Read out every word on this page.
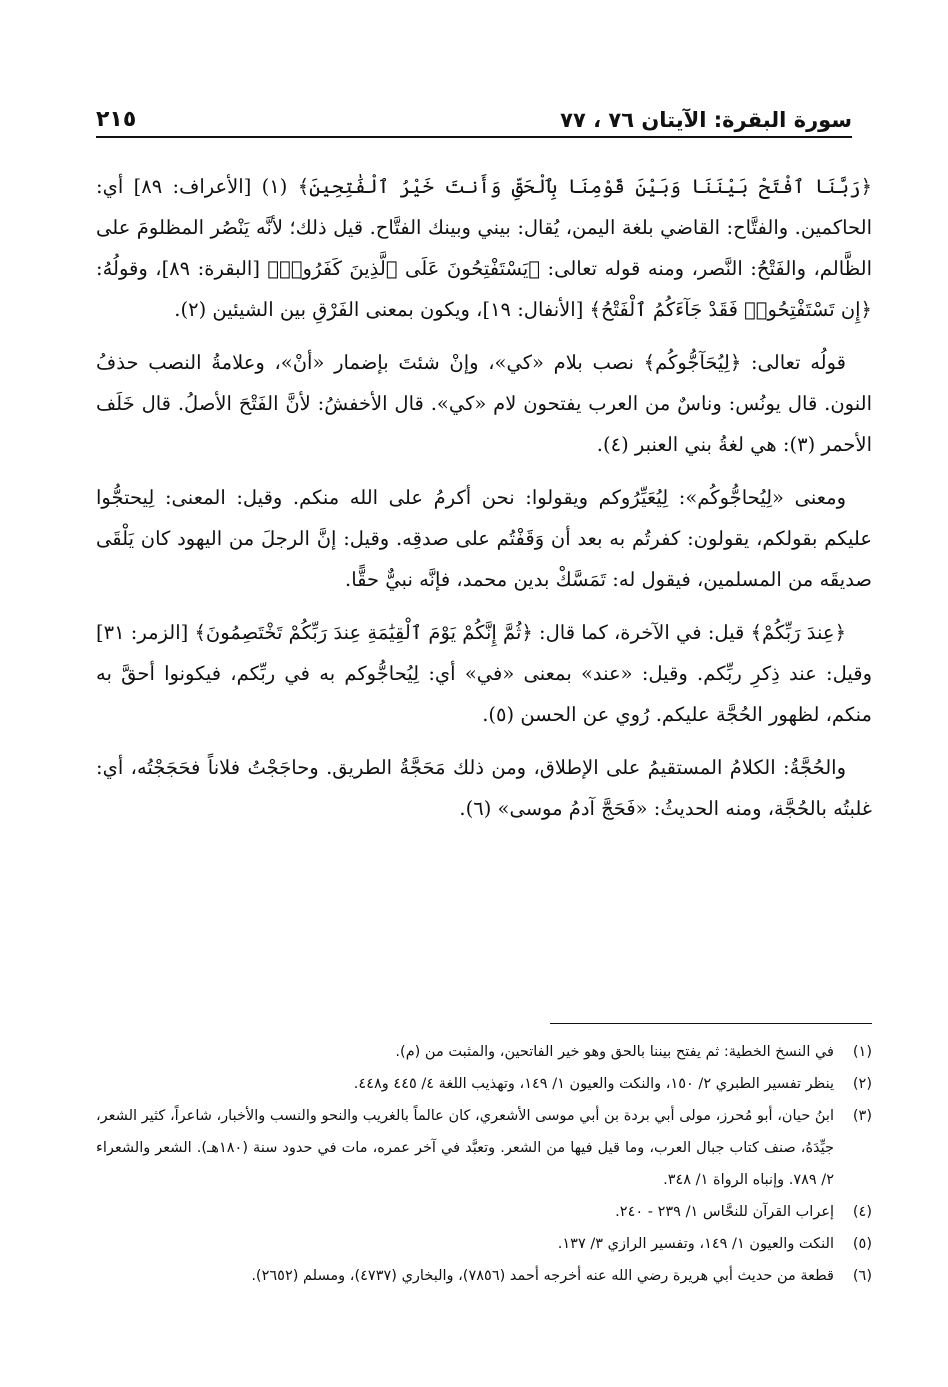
سورة البقرة: الآيتان ٧٦ ، ٧٧
٢١٥

﴿رَبَّنَا ٱفْتَحْ بَيْنَنَا وَبَيْنَ قَوْمِنَا بِٱلْحَقِّ وَأَنتَ خَيْرُ ٱلْفَٰتِحِينَ﴾ (١) [الأعراف: ٨٩] أي: الحاكمين. والفتَّاح: القاضي بلغة اليمن، يُقال: بيني وبينك الفتَّاح. قيل ذلك؛ لأنَّه يَنْصُر المظلومَ على الظَّالم، والفَتْحُ: النَّصر، ومنه قوله تعالى: ﴿يَسْتَفْتِحُونَ عَلَى ٱلَّذِينَ كَفَرُوا۟﴾ [البقرة: ٨٩]، وقولُهُ: ﴿إِن تَسْتَفْتِحُوا۟ فَقَدْ جَآءَكُمُ ٱلْفَتْحُ﴾ [الأنفال: ١٩]، ويكون بمعنى الفَرْقِ بين الشيئين (٢).

قولُه تعالى: ﴿لِيُحَآجُّوكُم﴾ نصب بلام «كي»، وإنْ شئتَ بإضمار «أنْ»، وعلامةُ النصب حذفُ النون. قال يونُس: وناسٌ من العرب يفتحون لام «كي». قال الأخفشُ: لأنَّ الفَتْحَ الأصلُ. قال خَلَف الأحمر (٣): هي لغةُ بني العنبر (٤).

ومعنى «لِيُحاجُّوكُم»: لِيُعَيِّرُوكم ويقولوا: نحن أكرمُ على الله منكم. وقيل: المعنى: لِيحتجُّوا عليكم بقولكم، يقولون: كفرتُم به بعد أن وَقَفْتُم على صدقِه. وقيل: إنَّ الرجلَ من اليهود كان يَلْقَى صديقَه من المسلمين، فيقول له: تَمَسَّكْ بدين محمد، فإنَّه نبيٌّ حقًّا.

﴿عِندَ رَبِّكُمْ﴾ قيل: في الآخرة، كما قال: ﴿ثُمَّ إِنَّكُمْ يَوْمَ ٱلْقِيَٰمَةِ عِندَ رَبِّكُمْ تَخْتَصِمُونَ﴾ [الزمر: ٣١] وقيل: عند ذِكرِ ربِّكم. وقيل: «عند» بمعنى «في» أي: لِيُحاجُّوكم به في ربِّكم، فيكونوا أحقَّ به منكم، لظهور الحُجَّة عليكم. رُوي عن الحسن (٥).

والحُجَّةُ: الكلامُ المستقيمُ على الإطلاق، ومن ذلك مَحَجَّةُ الطريق. وحاجَجْتُ فلاناً فحَجَجْتُه، أي: غلبتُه بالحُجَّة، ومنه الحديثُ: «فَحَجَّ آدمُ موسى» (٦).

(١)
في النسخ الخطية: ثم يفتح بيننا بالحق وهو خير الفاتحين، والمثبت من (م).
(٢)
ينظر تفسير الطبري ٢/ ١٥٠، والنكت والعيون ١/ ١٤٩، وتهذيب اللغة ٤/ ٤٤٥ و٤٤٨.
(٣)
ابنُ حيان، أبو مُحرز، مولى أبي بردة بن أبي موسى الأشعري، كان عالماً بالغريب والنحو والنسب والأخبار، شاعراً، كثير الشعر، جيِّدَهُ، صنف كتاب جبال العرب، وما قيل فيها من الشعر. وتعبَّد في آخر عمره، مات في حدود سنة (١٨٠هـ). الشعر والشعراء ٢/ ٧٨٩. وإنباه الرواة ١/ ٣٤٨.
(٤)
إعراب القرآن للنحَّاس ١/ ٢٣٩ - ٢٤٠.
(٥)
النكت والعيون ١/ ١٤٩، وتفسير الرازي ٣/ ١٣٧.
(٦)
قطعة من حديث أبي هريرة رضي الله عنه أخرجه أحمد (٧٨٥٦)، والبخاري (٤٧٣٧)، ومسلم (٢٦٥٢).
